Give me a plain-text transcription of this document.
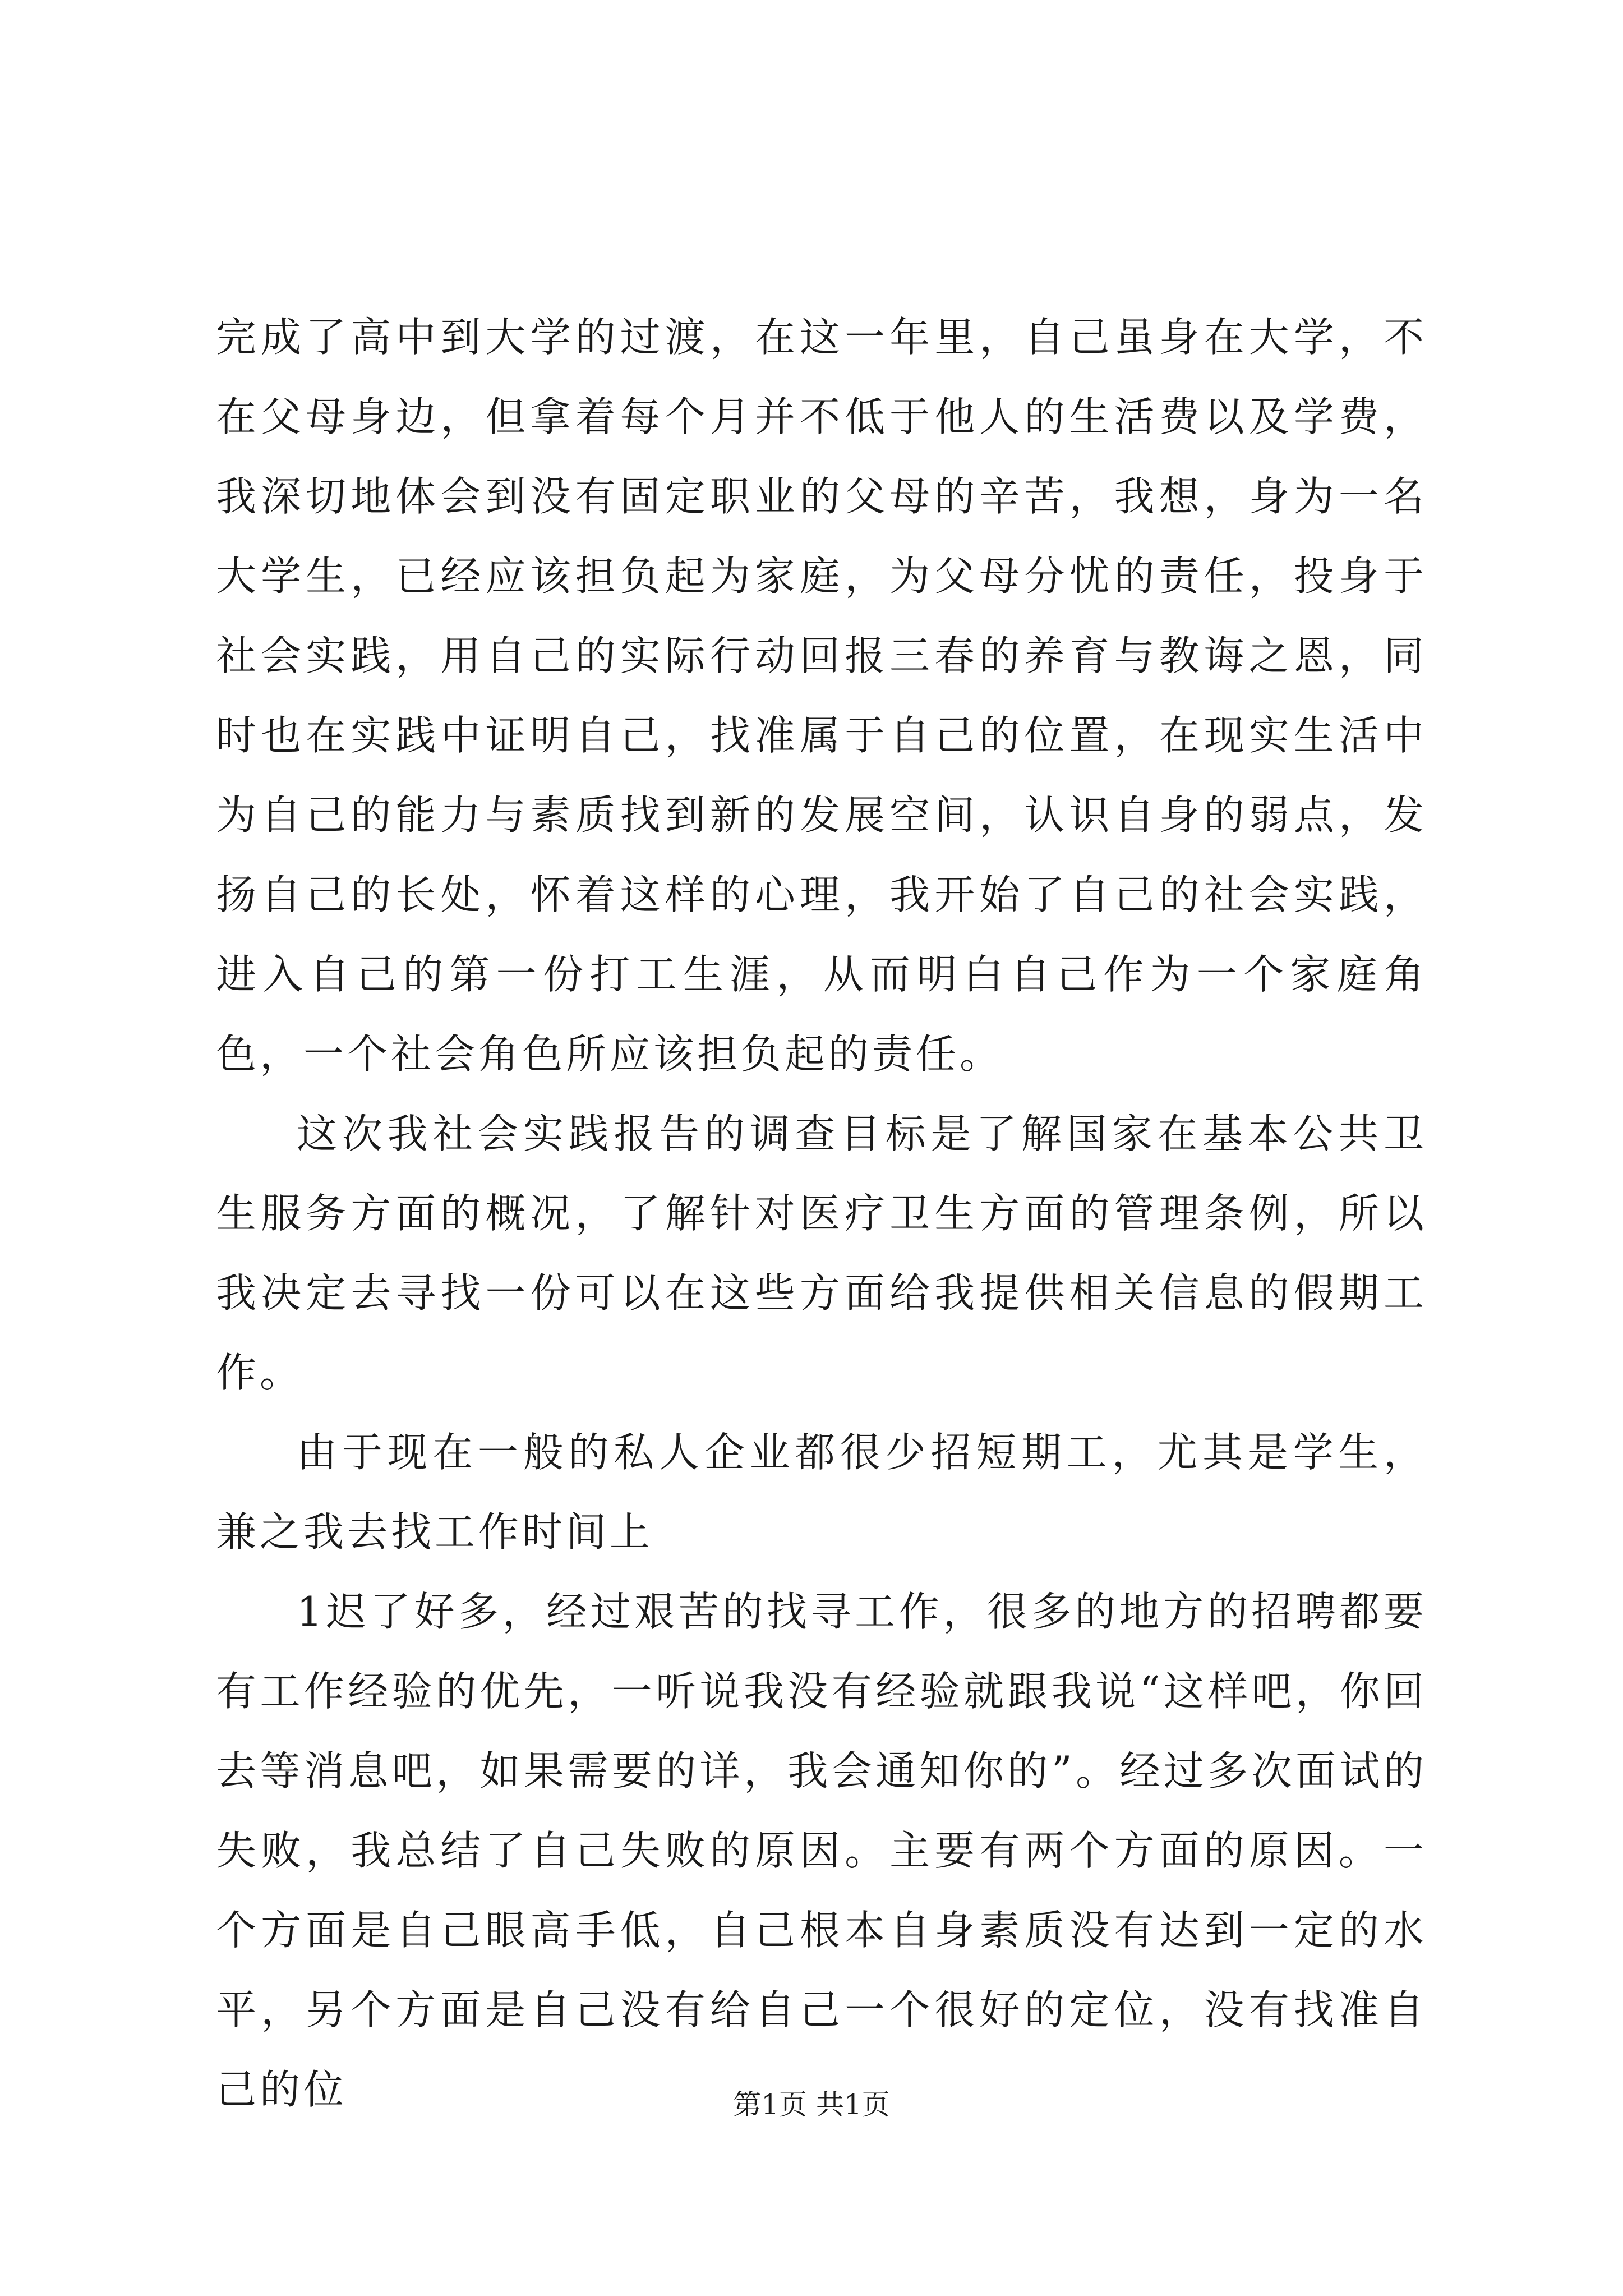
完成了高中到大学的过渡，在这一年里，自己虽身在大学，不在父母身边，但拿着每个月并不低于他人的生活费以及学费，我深切地体会到没有固定职业的父母的辛苦，我想，身为一名大学生，已经应该担负起为家庭，为父母分忧的责任，投身于社会实践，用自己的实际行动回报三春的养育与教诲之恩，同时也在实践中证明自己，找准属于自己的位置，在现实生活中为自己的能力与素质找到新的发展空间，认识自身的弱点，发扬自己的长处，怀着这样的心理，我开始了自己的社会实践，进入自己的第一份打工生涯，从而明白自己作为一个家庭角色，一个社会角色所应该担负起的责任。

这次我社会实践报告的调查目标是了解国家在基本公共卫生服务方面的概况，了解针对医疗卫生方面的管理条例，所以我决定去寻找一份可以在这些方面给我提供相关信息的假期工作。

由于现在一般的私人企业都很少招短期工，尤其是学生，兼之我去找工作时间上

1迟了好多，经过艰苦的找寻工作，很多的地方的招聘都要有工作经验的优先，一听说我没有经验就跟我说“这样吧，你回去等消息吧，如果需要的详，我会通知你的”。经过多次面试的失败，我总结了自己失败的原因。主要有两个方面的原因。一个方面是自己眼高手低，自己根本自身素质没有达到一定的水平，另个方面是自己没有给自己一个很好的定位，没有找准自己的位	第1页 共1页
